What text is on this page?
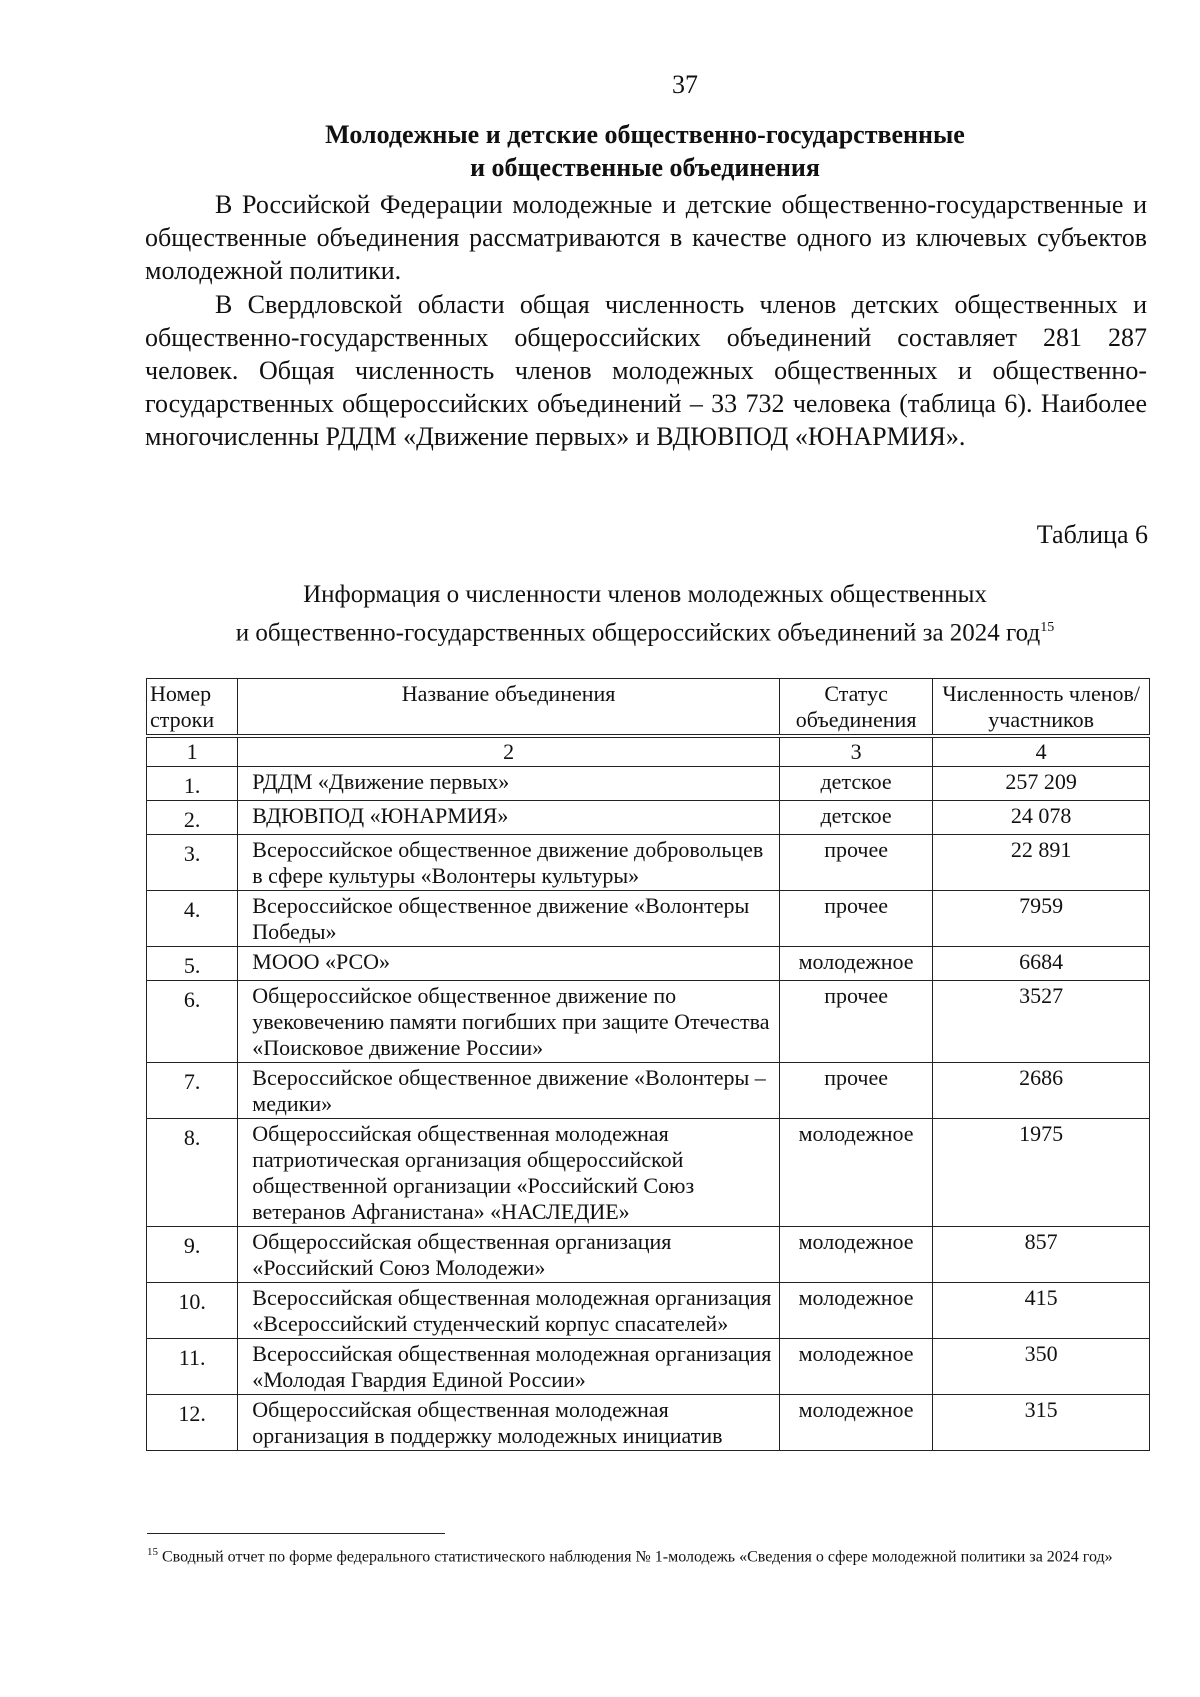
37
Молодежные и детские общественно-государственные
и общественные объединения

В Российской Федерации молодежные и детские общественно-государственные и общественные объединения рассматриваются в качестве одного из ключевых субъектов молодежной политики.

В Свердловской области общая численность членов детских общественных и общественно-государственных общероссийских объединений составляет 281 287 человек. Общая численность членов молодежных общественных и общественно-государственных общероссийских объединений – 33 732 человека (таблица 6). Наиболее многочисленны РДДМ «Движение первых» и ВДЮВПОД «ЮНАРМИЯ».

Таблица 6
Информация о численности членов молодежных общественных
и общественно-государственных общероссийских объединений за 2024 год$^{15}$
Номер строки	Название объединения	Статус объединения	Численность членов/участников
1	2	3	4
1.	РДДМ «Движение первых»	детское	257 209
2.	ВДЮВПОД «ЮНАРМИЯ»	детское	24 078
3.	Всероссийское общественное движение добровольцев в сфере культуры «Волонтеры культуры»	прочее	22 891
4.	Всероссийское общественное движение «Волонтеры Победы»	прочее	7959
5.	МООО «РСО»	молодежное	6684
6.	Общероссийское общественное движение по увековечению памяти погибших при защите Отечества «Поисковое движение России»	прочее	3527
7.	Всероссийское общественное движение «Волонтеры – медики»	прочее	2686
8.	Общероссийская общественная молодежная патриотическая организация общероссийской общественной организации «Российский Союз ветеранов Афганистана» «НАСЛЕДИЕ»	молодежное	1975
9.	Общероссийская общественная организация «Российский Союз Молодежи»	молодежное	857
10.	Всероссийская общественная молодежная организация «Всероссийский студенческий корпус спасателей»	молодежное	415
11.	Всероссийская общественная молодежная организация «Молодая Гвардия Единой России»	молодежное	350
12.	Общероссийская общественная молодежная организация в поддержку молодежных инициатив	молодежное	315
$^{15}$ Сводный отчет по форме федерального статистического наблюдения № 1-молодежь «Сведения о сфере молодежной политики за 2024 год»
